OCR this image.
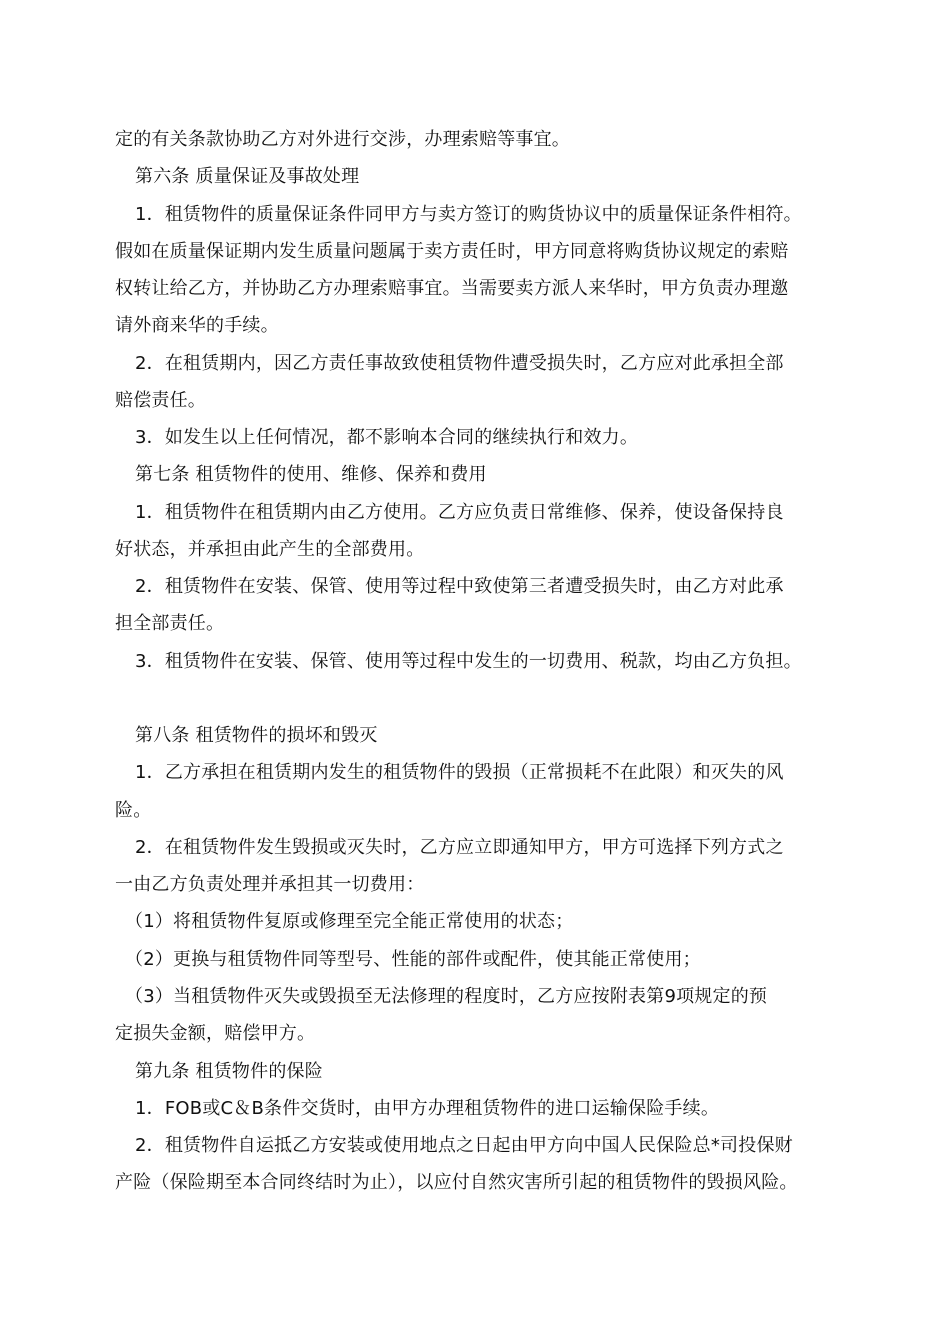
定的有关条款协助乙方对外进行交涉，办理索赔等事宜。
第六条 质量保证及事故处理
1．租赁物件的质量保证条件同甲方与卖方签订的购货协议中的质量保证条件相符。
假如在质量保证期内发生质量问题属于卖方责任时，甲方同意将购货协议规定的索赔
权转让给乙方，并协助乙方办理索赔事宜。当需要卖方派人来华时，甲方负责办理邀
请外商来华的手续。
2．在租赁期内，因乙方责任事故致使租赁物件遭受损失时，乙方应对此承担全部
赔偿责任。
3．如发生以上任何情况，都不影响本合同的继续执行和效力。
第七条 租赁物件的使用、维修、保养和费用
1．租赁物件在租赁期内由乙方使用。乙方应负责日常维修、保养，使设备保持良
好状态，并承担由此产生的全部费用。
2．租赁物件在安装、保管、使用等过程中致使第三者遭受损失时，由乙方对此承
担全部责任。
3．租赁物件在安装、保管、使用等过程中发生的一切费用、税款，均由乙方负担。
第八条 租赁物件的损坏和毁灭
1．乙方承担在租赁期内发生的租赁物件的毁损（正常损耗不在此限）和灭失的风
险。
2．在租赁物件发生毁损或灭失时，乙方应立即通知甲方，甲方可选择下列方式之
一由乙方负责处理并承担其一切费用：
（1）将租赁物件复原或修理至完全能正常使用的状态；
（2）更换与租赁物件同等型号、性能的部件或配件，使其能正常使用；
（3）当租赁物件灭失或毁损至无法修理的程度时，乙方应按附表第9项规定的预
定损失金额，赔偿甲方。
第九条 租赁物件的保险
1．FOB或C＆B条件交货时，由甲方办理租赁物件的进口运输保险手续。
2．租赁物件自运抵乙方安装或使用地点之日起由甲方向中国人民保险总*司投保财
产险（保险期至本合同终结时为止），以应付自然灾害所引起的租赁物件的毁损风险。
